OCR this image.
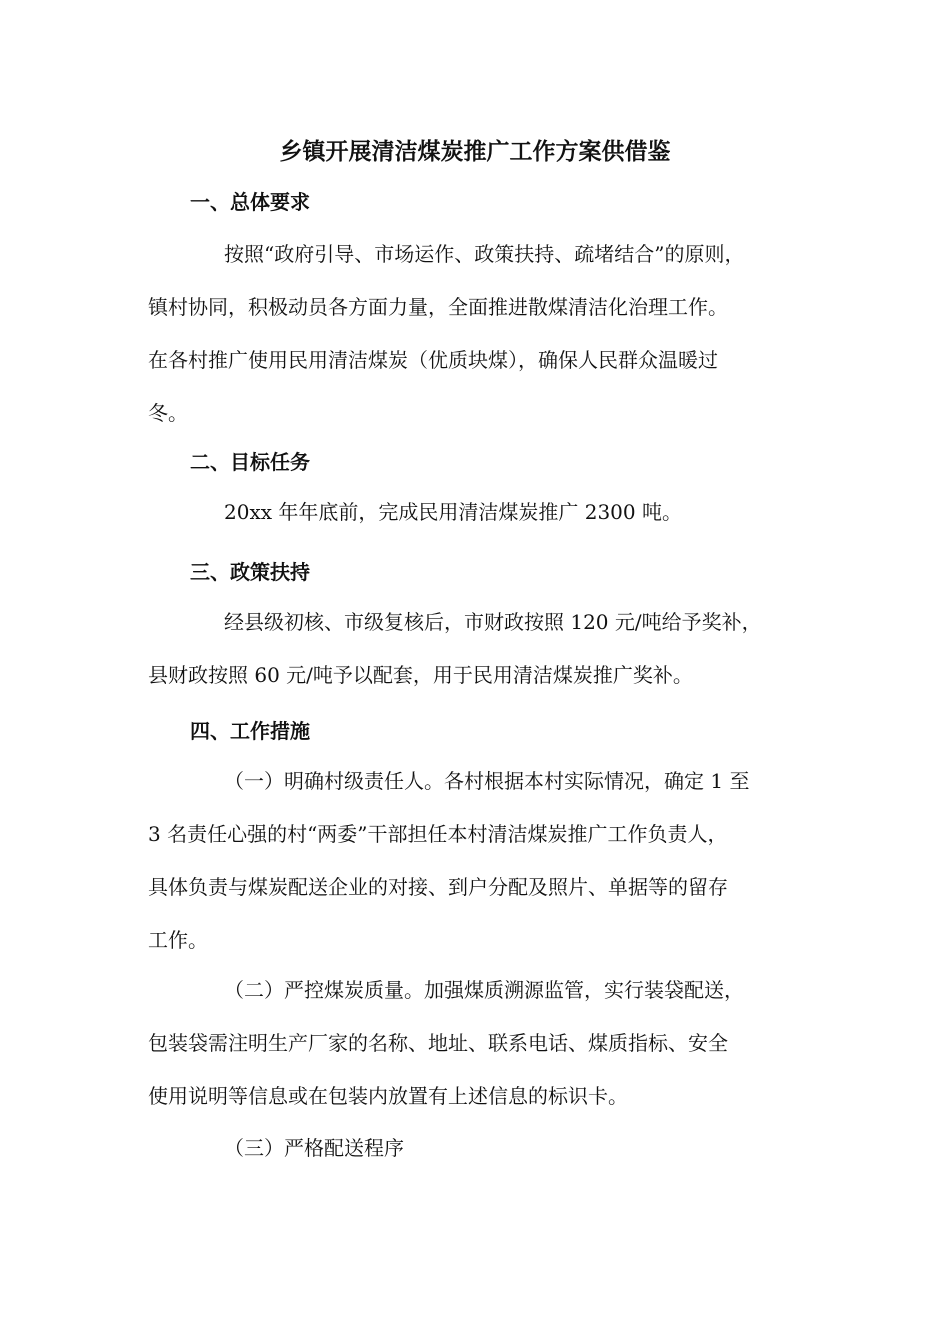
乡镇开展清洁煤炭推广工作方案供借鉴
一、总体要求
按照“政府引导、市场运作、政策扶持、疏堵结合”的原则，
镇村协同，积极动员各方面力量，全面推进散煤清洁化治理工作。
在各村推广使用民用清洁煤炭（优质块煤），确保人民群众温暖过
冬。
二、目标任务
20xx 年年底前，完成民用清洁煤炭推广 2300 吨。
三、政策扶持
经县级初核、市级复核后，市财政按照 120 元/吨给予奖补，
县财政按照 60 元/吨予以配套，用于民用清洁煤炭推广奖补。
四、工作措施
（一）明确村级责任人。各村根据本村实际情况，确定 1 至
3 名责任心强的村“两委”干部担任本村清洁煤炭推广工作负责人，
具体负责与煤炭配送企业的对接、到户分配及照片、单据等的留存
工作。
（二）严控煤炭质量。加强煤质溯源监管，实行装袋配送，
包装袋需注明生产厂家的名称、地址、联系电话、煤质指标、安全
使用说明等信息或在包装内放置有上述信息的标识卡。
（三）严格配送程序
